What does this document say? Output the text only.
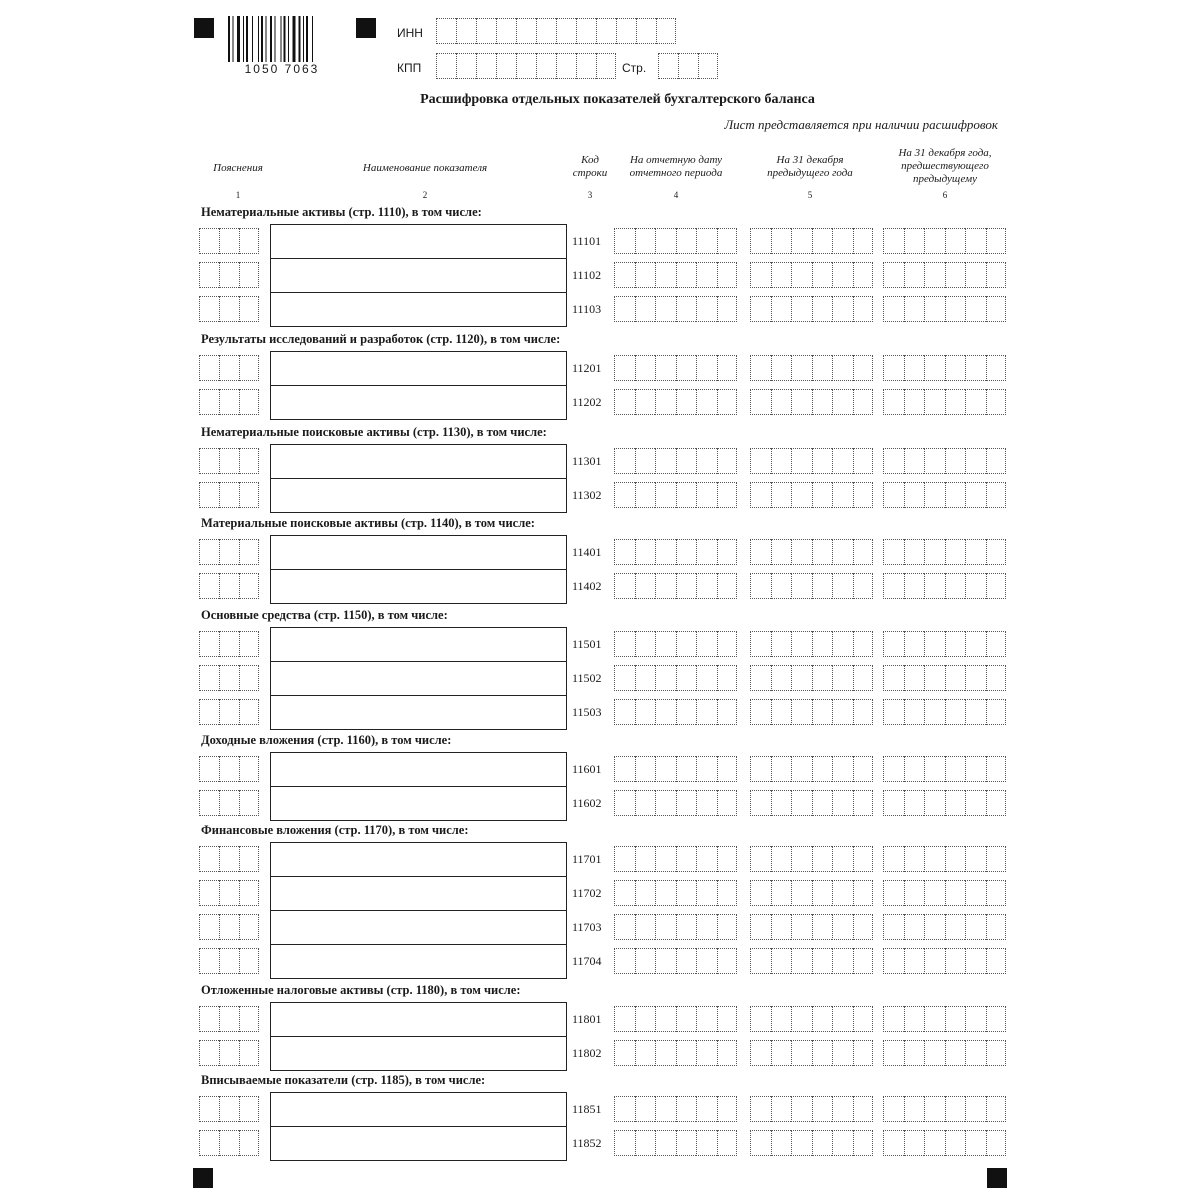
1050 7063
ИНН
КПП	Стр.
Расшифровка отдельных показателей бухгалтерского баланса
Лист представляется при наличии расшифровок
Пояснения
1
Наименование показателя
2
Код строки
3
На отчетную дату отчетного периода
4
На 31 декабря предыдущего года
5
На 31 декабря года, предшествующего предыдущему
6
Нематериальные активы (стр. 1110), в том числе:
11101
11102
11103
Результаты исследований и разработок (стр. 1120), в том числе:
11201
11202
Нематериальные поисковые активы (стр. 1130), в том числе:
11301
11302
Материальные поисковые активы (стр. 1140), в том числе:
11401
11402
Основные средства (стр. 1150), в том числе:
11501
11502
11503
Доходные вложения (стр. 1160), в том числе:
11601
11602
Финансовые вложения (стр. 1170), в том числе:
11701
11702
11703
11704
Отложенные налоговые активы (стр. 1180), в том числе:
11801
11802
Вписываемые показатели (стр. 1185), в том числе:
11851
11852
